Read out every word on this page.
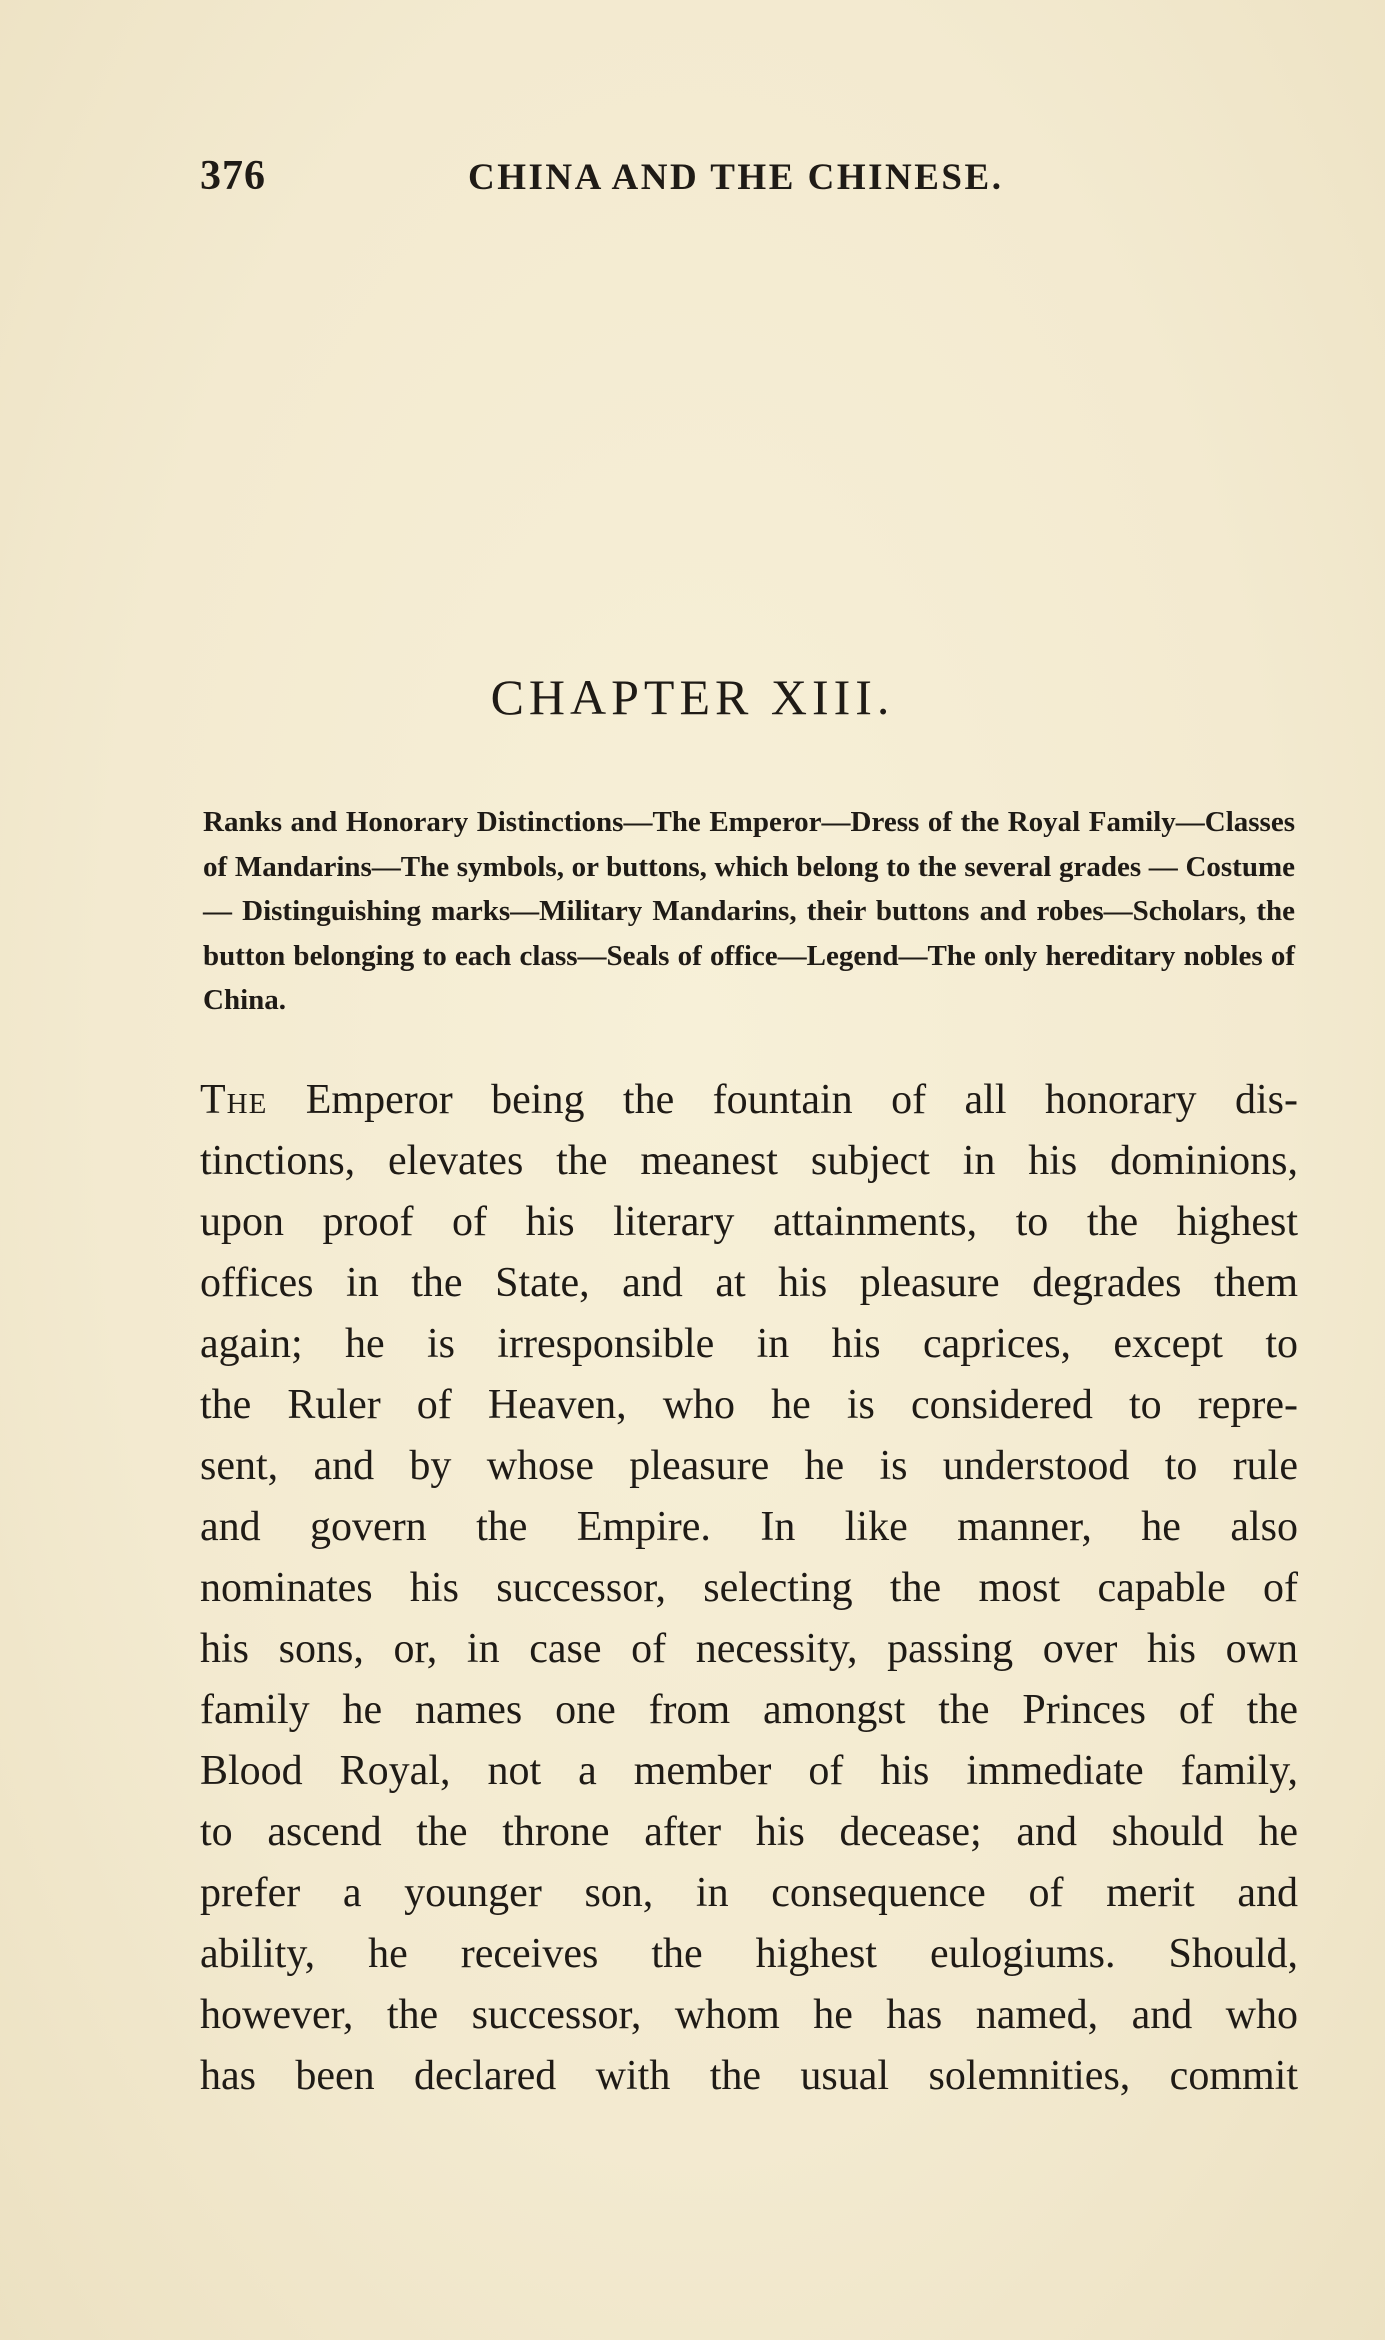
376	CHINA AND THE CHINESE.
CHAPTER XIII.
Ranks and Honorary Distinctions—The Emperor—Dress of the Royal Family—Classes of Mandarins—The symbols, or buttons, which belong to the several grades — Costume — Distinguishing marks—Military Mandarins, their buttons and robes—Scholars, the button belonging to each class—Seals of office—Legend—The only hereditary nobles of China.
The Emperor being the fountain of all honorary dis-
tinctions, elevates the meanest subject in his dominions,
upon proof of his literary attainments, to the highest
offices in the State, and at his pleasure degrades them
again; he is irresponsible in his caprices, except to
the Ruler of Heaven, who he is considered to repre-
sent, and by whose pleasure he is understood to rule
and govern the Empire. In like manner, he also
nominates his successor, selecting the most capable of
his sons, or, in case of necessity, passing over his own
family he names one from amongst the Princes of the
Blood Royal, not a member of his immediate family,
to ascend the throne after his decease; and should he
prefer a younger son, in consequence of merit and
ability, he receives the highest eulogiums. Should,
however, the successor, whom he has named, and who
has been declared with the usual solemnities, commit
